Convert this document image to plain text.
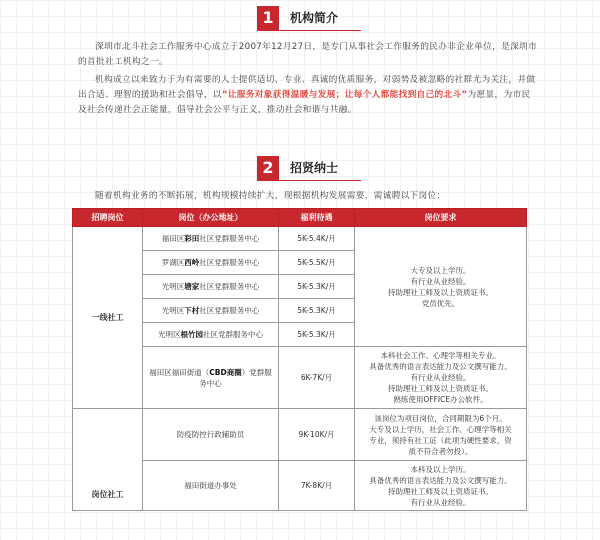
1	机构简介

深圳市北斗社会工作服务中心成立于2007年12月27日，是专门从事社会工作服务的民办非企业单位，是深圳市的首批社工机构之一。

机构成立以来致力于为有需要的人士提供适切、专业、真诚的优质服务，对弱势及被忽略的社群尤为关注，并做出合适、理智的援助和社会倡导，以“让服务对象获得温暖与发展；让每个人都能找到自己的北斗”为愿景，为市民及社会传递社会正能量，倡导社会公平与正义，推动社会和谐与共融。

2	招贤纳士

随着机构业务的不断拓展，机构规模持续扩大，现根据机构发展需要，需诚聘以下岗位：

招聘岗位	岗位（办公地址）	福利待遇	岗位要求
一线社工	福田区彩田社区党群服务中心	5K-5.4K/月	大专及以上学历。
有行业从业经验。
持助理社工师及以上资质证书。
党员优先。

	罗湖区西岭社区党群服务中心	5K-5.5K/月	
	光明区塘家社区党群服务中心	5K-5.3K/月	
	光明区下村社区党群服务中心	5K-5.3K/月	
	光明区根竹园社区党群服务中心	5K-5.3K/月	
	福田区福田街道（CBD商圈）党群服务中心	6K-7K/月	本科社会工作、心理学等相关专业。
具备优秀的语言表达能力及公文撰写能力。
有行业从业经验。
持助理社工师及以上资质证书。
熟练使用OFFICE办公软件。

岗位社工	防疫防控行政辅助员	9K-10K/月	该岗位为项目岗位，合同期限为6个月。
大专及以上学历，社会工作、心理学等相关
专业，须持有社工证（此项为硬性要求，资
质不符合者勿投）。

	福田街道办事处	7K-8K/月	本科及以上学历。
具备优秀的语言表达能力及公文撰写能力。
持助理社工师及以上资质证书。
有行业从业经验。
